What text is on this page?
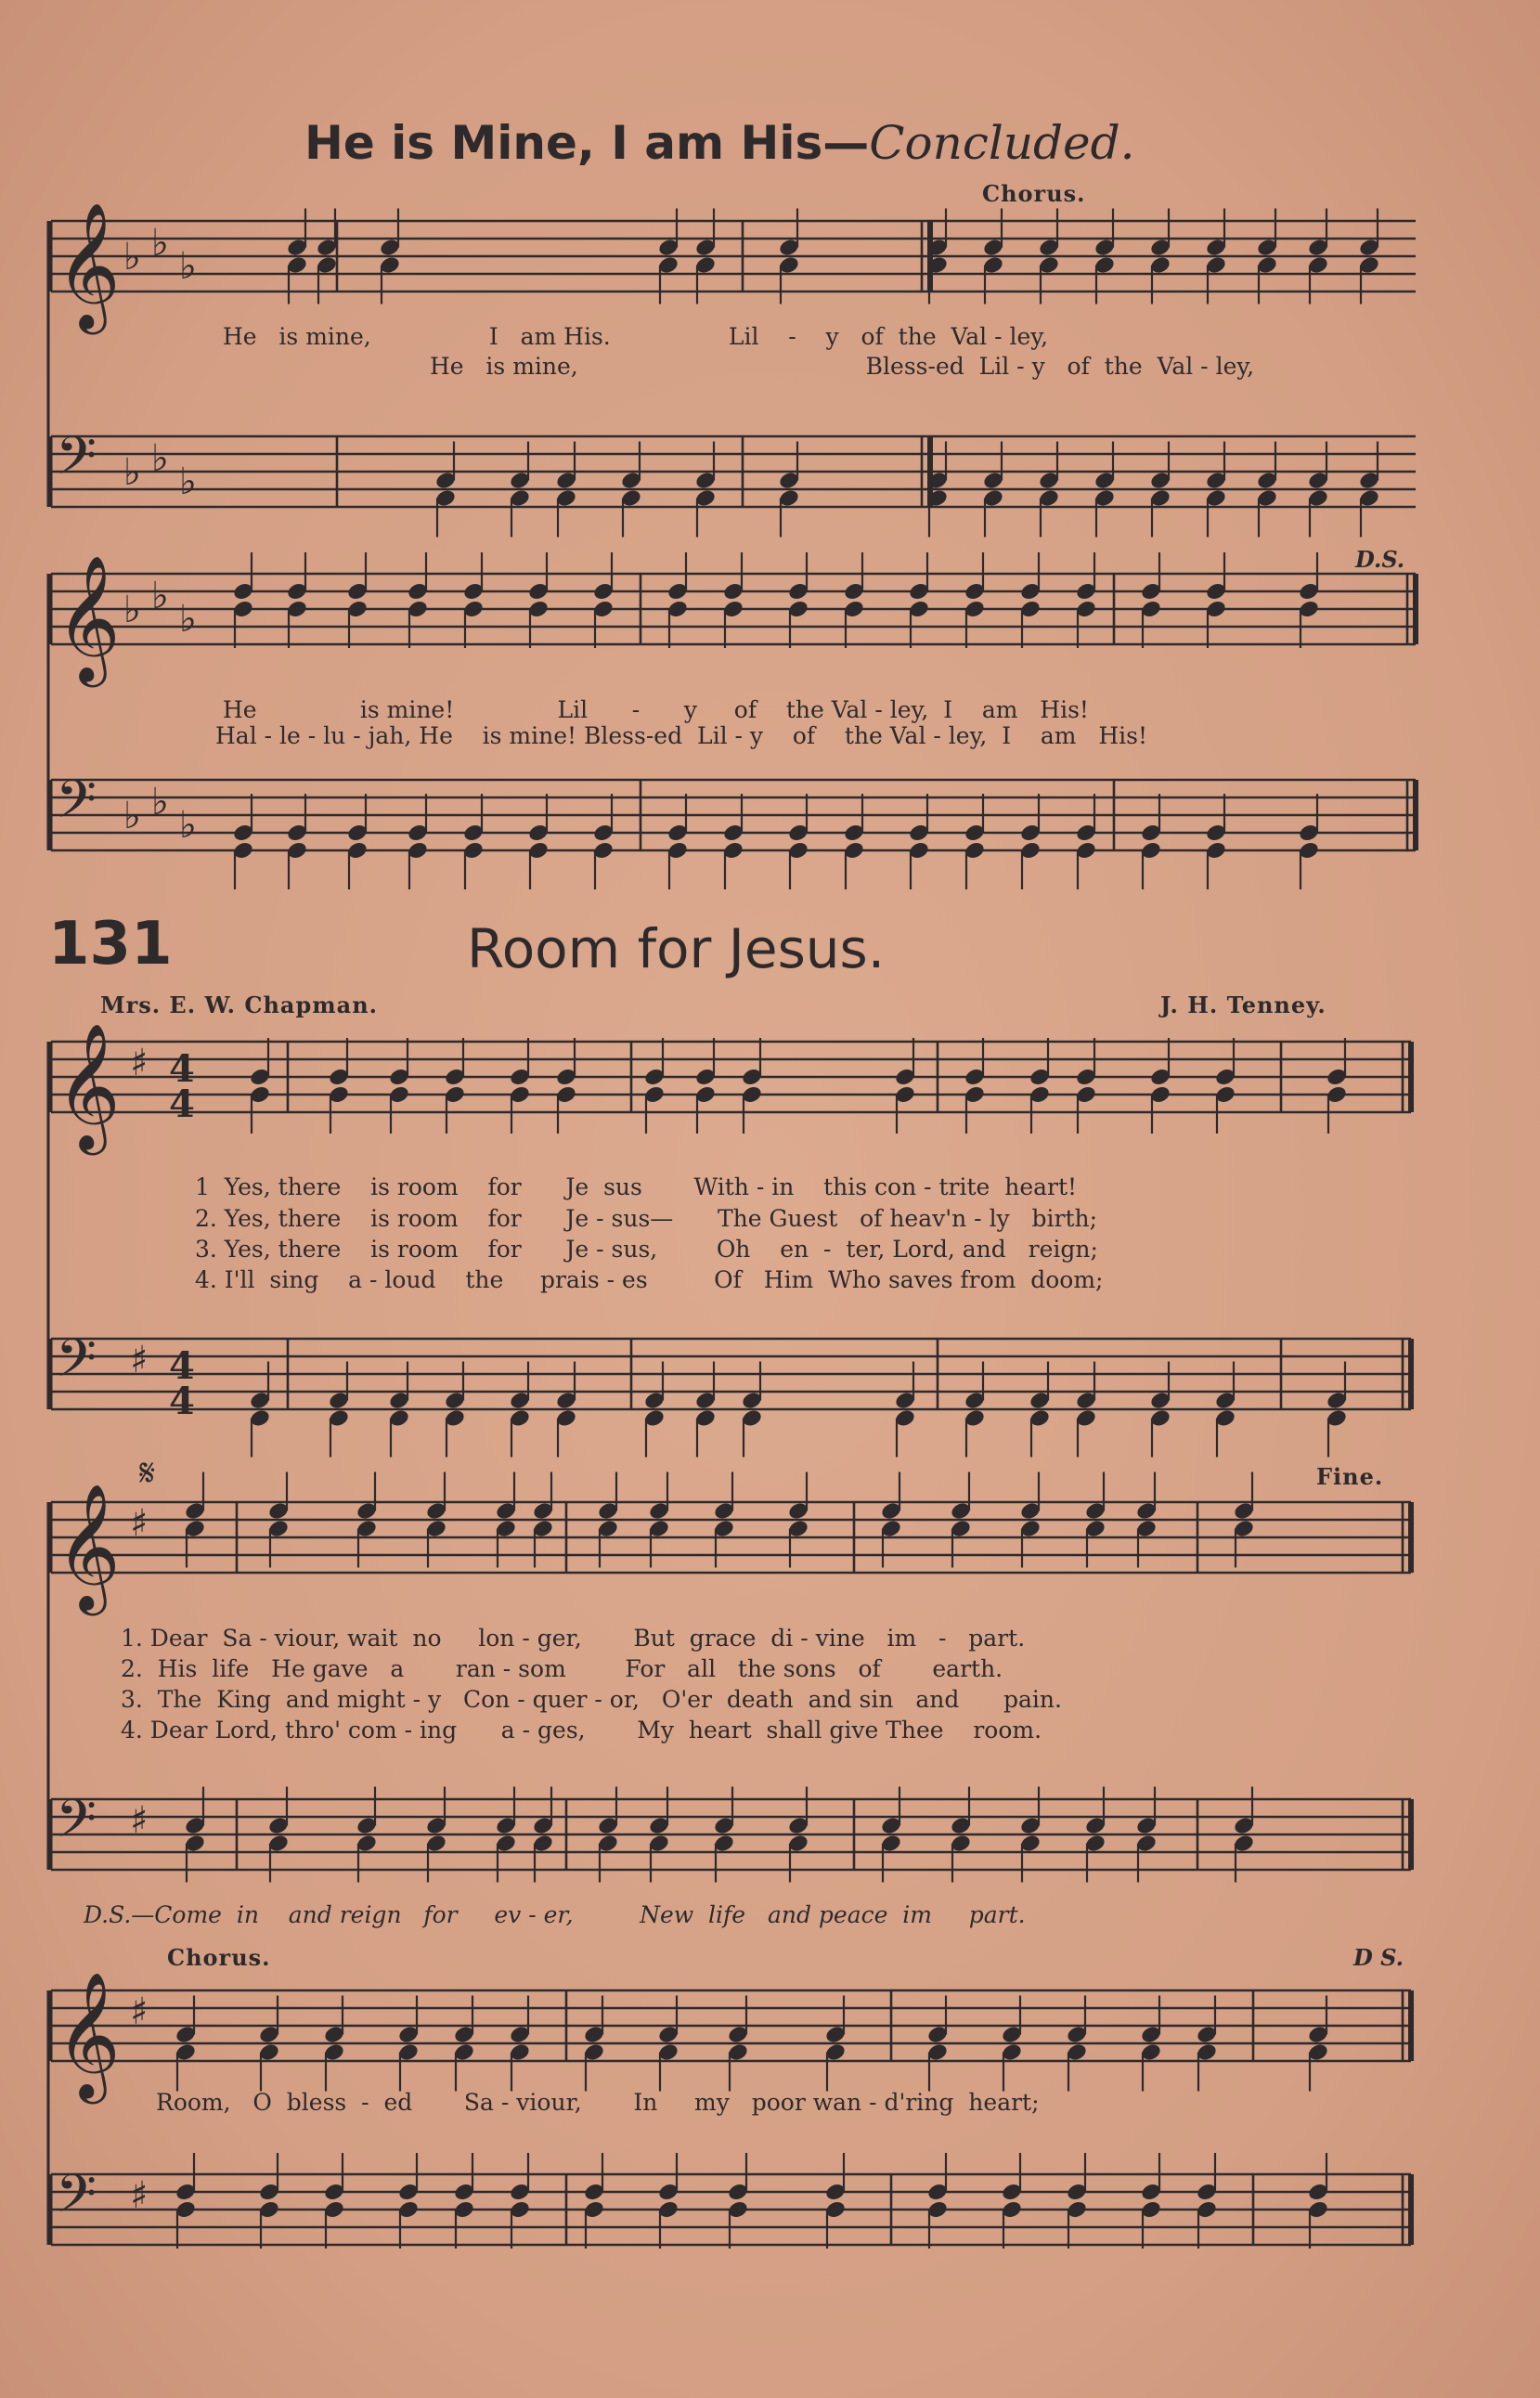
𝄞 ♭ ♭
♭
𝄢 ♭ ♭
♭
𝄞 ♭ ♭
♭
𝄢 ♭ ♭
♭
𝄞 ♯ 4
4
𝄢 ♯ 4
4
𝄞 ♯
𝄋
𝄢 ♯
𝄞 ♯
𝄢 ♯
He is Mine, I am His—Concluded.
Chorus.
He   is mine,                I   am His.                Lil    -    y   of  the  Val - ley,
He   is mine,                                       Bless-ed  Lil - y   of  the  Val - ley,
D.S.
He              is mine!              Lil      -      y     of    the Val - ley,  I    am   His!
Hal - le - lu - jah, He    is mine! Bless-ed  Lil - y    of    the Val - ley,  I    am   His!
131	Room for Jesus.
Mrs. E. W. Chapman.	J. H. Tenney.
1  Yes, there    is room    for      Je  sus       With - in    this con - trite  heart!
2. Yes, there    is room    for      Je - sus—      The Guest   of heav'n - ly   birth;
3. Yes, there    is room    for      Je - sus,        Oh    en  -  ter, Lord, and   reign;
4. I'll  sing    a - loud    the     prais - es         Of   Him  Who saves from  doom;
Fine.
1. Dear  Sa - viour, wait  no     lon - ger,       But  grace  di - vine   im   -   part.
2.  His  life   He gave   a       ran - som        For   all   the sons   of       earth.
3.  The  King  and might - y   Con - quer - or,   O'er  death  and sin   and      pain.
4. Dear Lord, thro' com - ing      a - ges,       My  heart  shall give Thee    room.
D.S.—Come  in    and reign   for     ev - er,         New  life   and peace  im     part.
Chorus.	D S.
Room,   O  bless  -  ed       Sa - viour,       In     my   poor wan - d'ring  heart;
